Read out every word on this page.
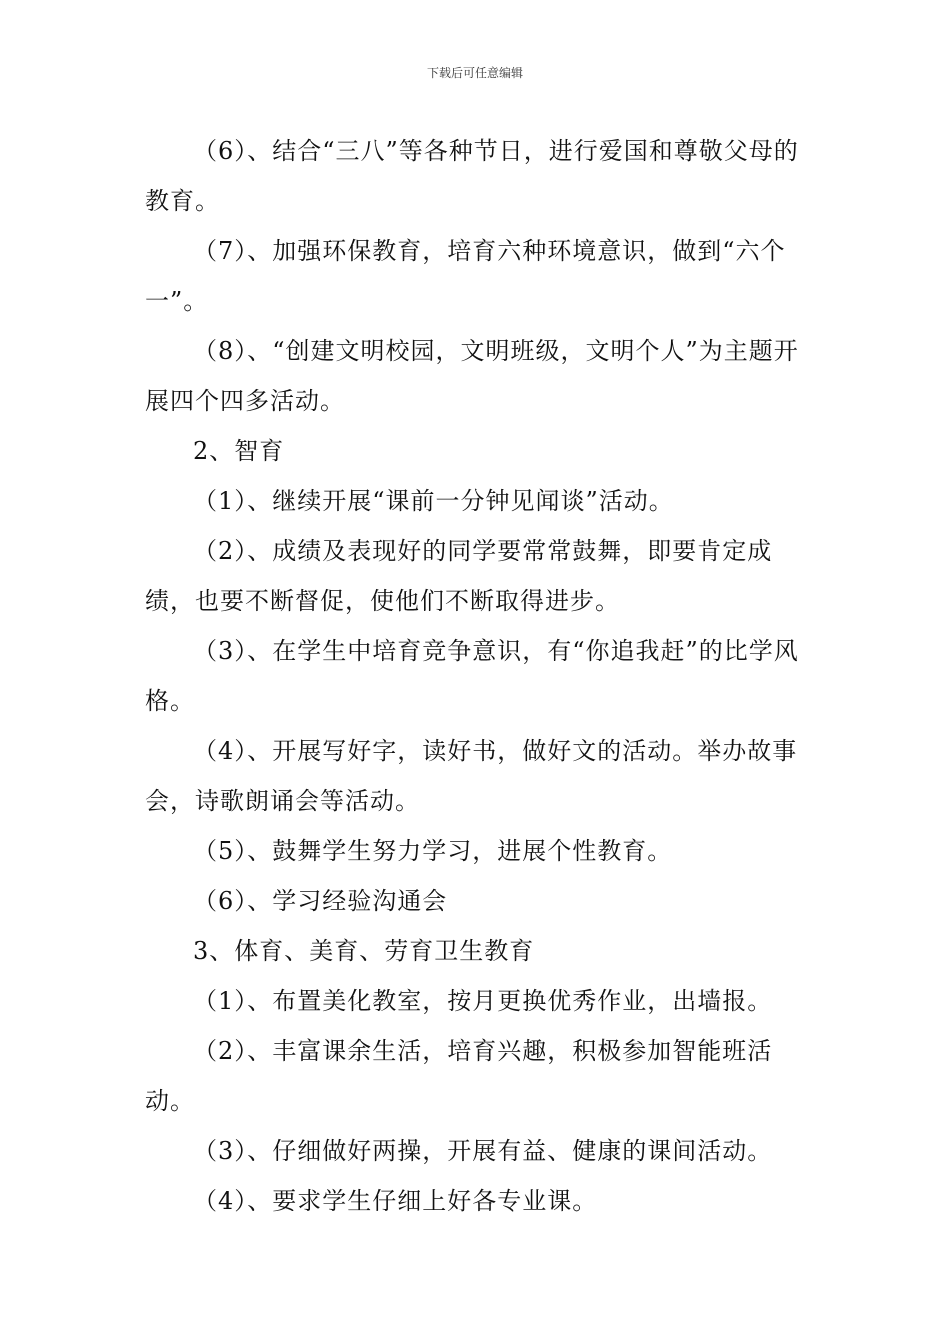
下载后可任意编辑

（6）、结合“三八”等各种节日，进行爱国和尊敬父母的教育。

（7）、加强环保教育，培育六种环境意识，做到“六个一”。

（8）、“创建文明校园，文明班级，文明个人”为主题开展四个四多活动。

2、智育

（1）、继续开展“课前一分钟见闻谈”活动。

（2）、成绩及表现好的同学要常常鼓舞，即要肯定成绩，也要不断督促，使他们不断取得进步。

（3）、在学生中培育竞争意识，有“你追我赶”的比学风格。

（4）、开展写好字，读好书，做好文的活动。举办故事会，诗歌朗诵会等活动。

（5）、鼓舞学生努力学习，进展个性教育。

（6）、学习经验沟通会

3、体育、美育、劳育卫生教育

（1）、布置美化教室，按月更换优秀作业，出墙报。

（2）、丰富课余生活，培育兴趣，积极参加智能班活动。

（3）、仔细做好两操，开展有益、健康的课间活动。

（4）、要求学生仔细上好各专业课。
